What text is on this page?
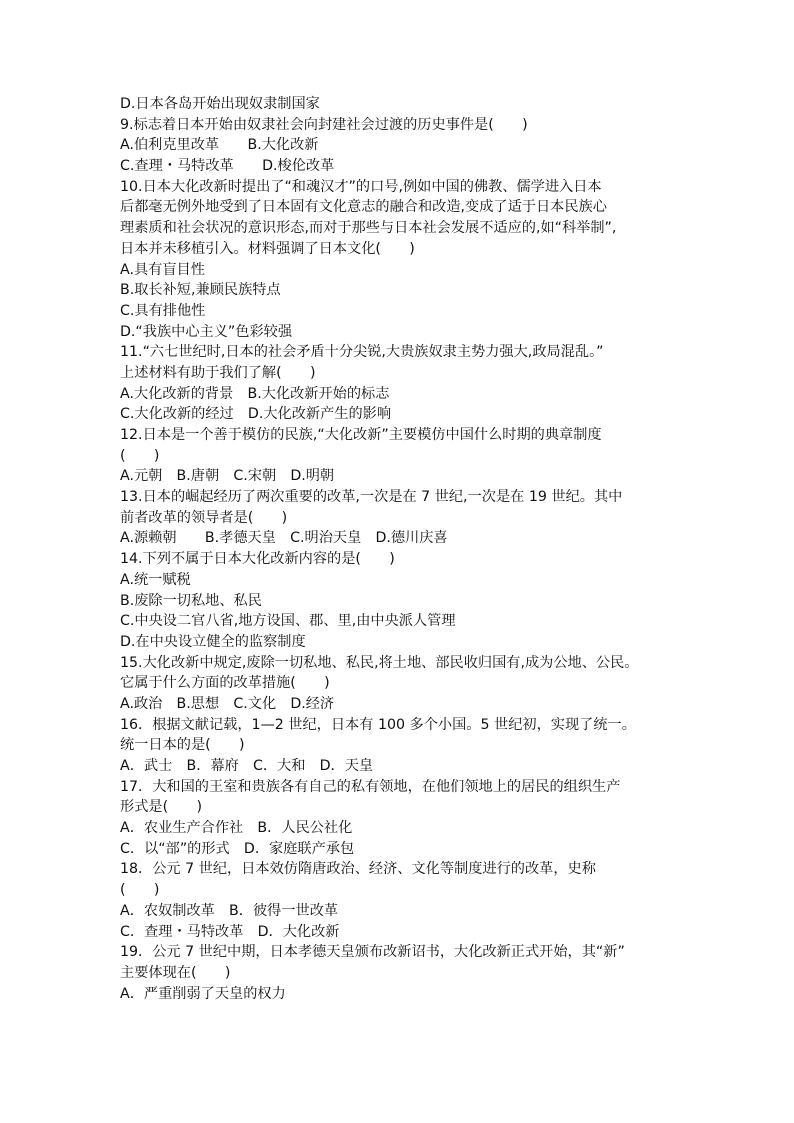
D.日本各岛开始出现奴隶制国家
9.标志着日本开始由奴隶社会向封建社会过渡的历史事件是(　　)
A.伯利克里改革　　B.大化改新
C.查理・马特改革　　D.梭伦改革
10.日本大化改新时提出了“和魂汉才”的口号,例如中国的佛教、儒学进入日本
后都毫无例外地受到了日本固有文化意志的融合和改造,变成了适于日本民族心
理素质和社会状况的意识形态,而对于那些与日本社会发展不适应的,如“科举制”,
日本并未移植引入。材料强调了日本文化(　　)
A.具有盲目性
B.取长补短,兼顾民族特点
C.具有排他性
D.“我族中心主义”色彩较强
11.“六七世纪时,日本的社会矛盾十分尖锐,大贵族奴隶主势力强大,政局混乱。”
上述材料有助于我们了解(　　)
A.大化改新的背景　B.大化改新开始的标志
C.大化改新的经过　D.大化改新产生的影响
12.日本是一个善于模仿的民族,“大化改新”主要模仿中国什么时期的典章制度
(　　)
A.元朝　B.唐朝　C.宋朝　D.明朝
13.日本的崛起经历了两次重要的改革,一次是在 7 世纪,一次是在 19 世纪。其中
前者改革的领导者是(　　)
A.源赖朝　　B.孝德天皇　C.明治天皇　D.德川庆喜
14.下列不属于日本大化改新内容的是(　　)
A.统一赋税
B.废除一切私地、私民
C.中央设二官八省,地方设国、郡、里,由中央派人管理
D.在中央设立健全的监察制度
15.大化改新中规定,废除一切私地、私民,将土地、部民收归国有,成为公地、公民。
它属于什么方面的改革措施(　　)
A.政治　B.思想　C.文化　D.经济
16．根据文献记载，1—2 世纪，日本有 100 多个小国。5 世纪初，实现了统一。
统一日本的是(　　)
A．武士　B．幕府　C．大和　D．天皇
17．大和国的王室和贵族各有自己的私有领地，在他们领地上的居民的组织生产
形式是(　　)
A．农业生产合作社　B．人民公社化
C．以“部”的形式　D．家庭联产承包
18．公元 7 世纪，日本效仿隋唐政治、经济、文化等制度进行的改革，史称
(　　)
A．农奴制改革　B．彼得一世改革
C．查理・马特改革　D．大化改新
19．公元 7 世纪中期，日本孝德天皇颁布改新诏书，大化改新正式开始，其“新”
主要体现在(　　)
A．严重削弱了天皇的权力
